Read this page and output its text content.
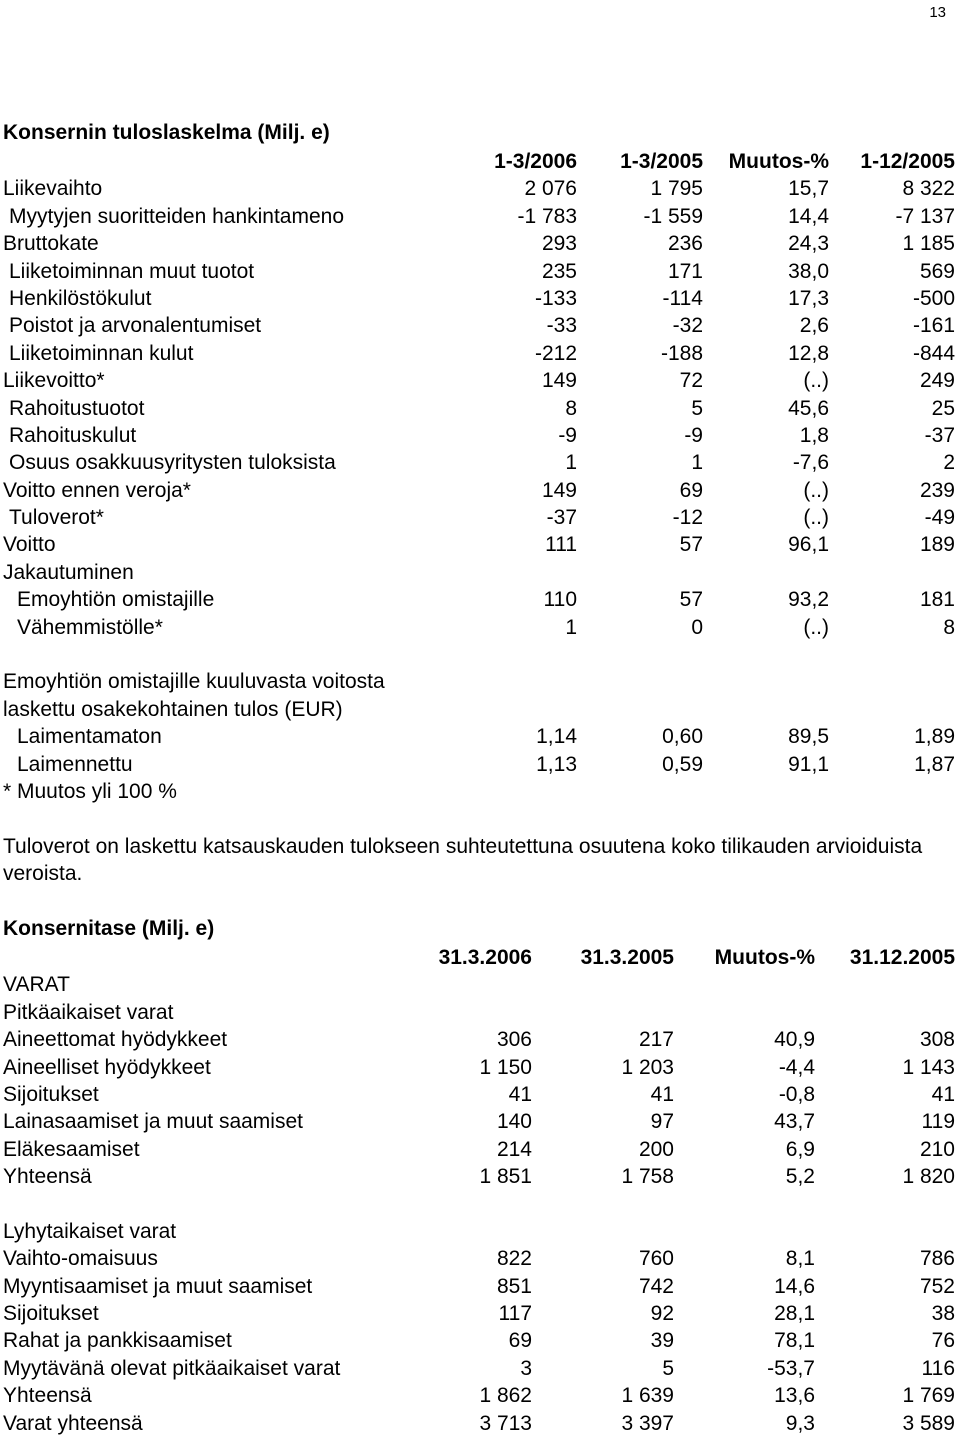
13
Konsernin tuloslaskelma (Milj. e)
1-3/2006	1-3/2005	Muutos-%	1-12/2005
Liikevaihto	2 076	1 795	15,7	8 322
Myytyjen suoritteiden hankintameno	-1 783	-1 559	14,4	-7 137
Bruttokate	293	236	24,3	1 185
Liiketoiminnan muut tuotot	235	171	38,0	569
Henkilöstökulut	-133	-114	17,3	-500
Poistot ja arvonalentumiset	-33	-32	2,6	-161
Liiketoiminnan kulut	-212	-188	12,8	-844
Liikevoitto*	149	72	(..)	249
Rahoitustuotot	8	5	45,6	25
Rahoituskulut	-9	-9	1,8	-37
Osuus osakkuusyritysten tuloksista	1	1	-7,6	2
Voitto ennen veroja*	149	69	(..)	239
Tuloverot*	-37	-12	(..)	-49
Voitto	111	57	96,1	189
Jakautuminen
Emoyhtiön omistajille	110	57	93,2	181
Vähemmistölle*	1	0	(..)	8
Emoyhtiön omistajille kuuluvasta voitosta
laskettu osakekohtainen tulos (EUR)
Laimentamaton	1,14	0,60	89,5	1,89
Laimennettu	1,13	0,59	91,1	1,87
* Muutos yli 100 %
Tuloverot on laskettu katsauskauden tulokseen suhteutettuna osuutena koko tilikauden arvioiduista veroista.
Konsernitase (Milj. e)
31.3.2006	31.3.2005	Muutos-%	31.12.2005
VARAT
Pitkäaikaiset varat
Aineettomat hyödykkeet	306	217	40,9	308
Aineelliset hyödykkeet	1 150	1 203	-4,4	1 143
Sijoitukset	41	41	-0,8	41
Lainasaamiset ja muut saamiset	140	97	43,7	119
Eläkesaamiset	214	200	6,9	210
Yhteensä	1 851	1 758	5,2	1 820
Lyhytaikaiset varat
Vaihto-omaisuus	822	760	8,1	786
Myyntisaamiset ja muut saamiset	851	742	14,6	752
Sijoitukset	117	92	28,1	38
Rahat ja pankkisaamiset	69	39	78,1	76
Myytävänä olevat pitkäaikaiset varat	3	5	-53,7	116
Yhteensä	1 862	1 639	13,6	1 769
Varat yhteensä	3 713	3 397	9,3	3 589
